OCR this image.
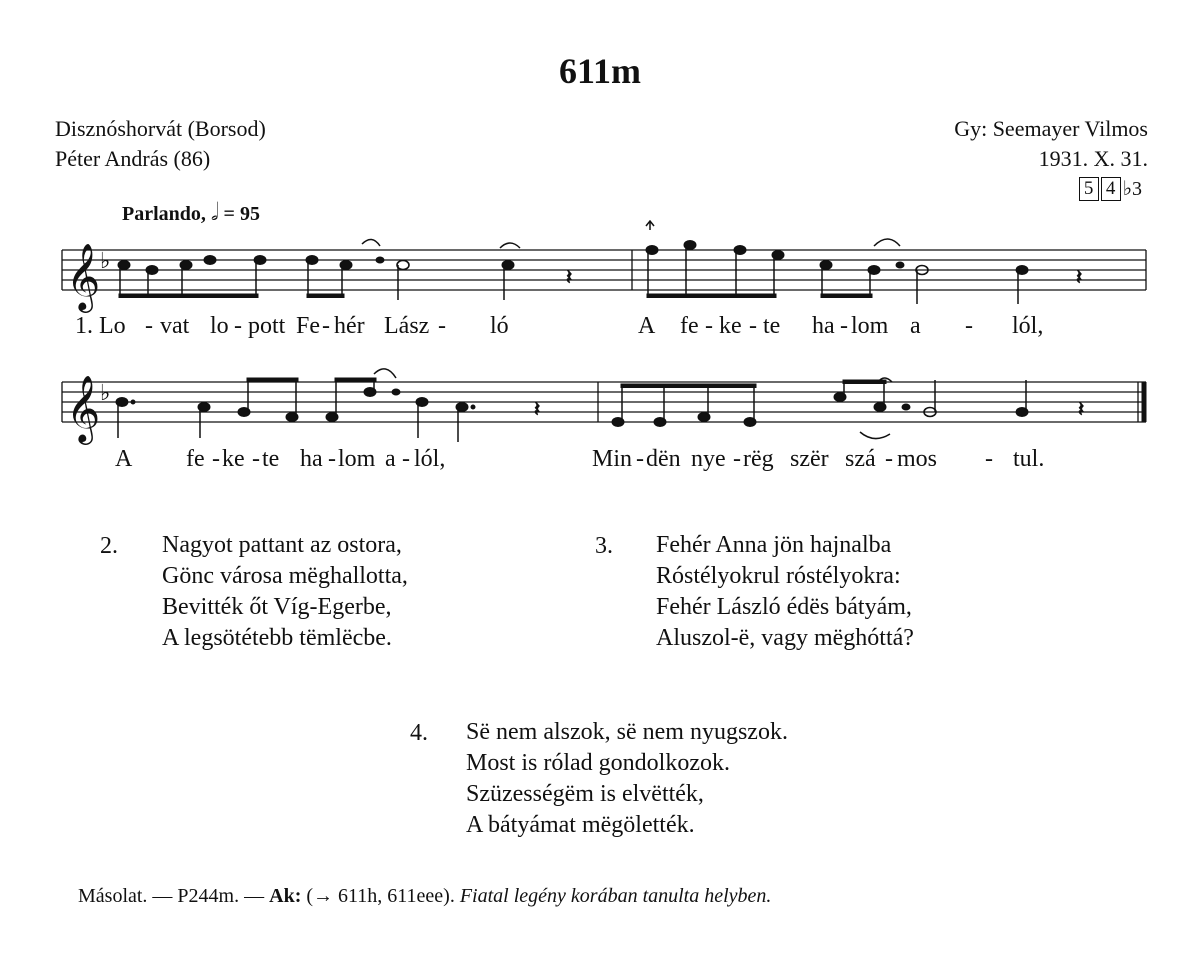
611m
Disznóshorvát (Borsod)
Péter András (86)
Gy: Seemayer Vilmos
1931. X. 31.
5 4 ♭3
Parlando, 𝅗𝅥 = 95
𝄞 ♭
𝄽	𝄽
1. Lo - vat lo - pott Fe - hér Lász - ló	A fe - ke - te ha - lom a - lól,
𝄞 ♭
𝄽	𝄽
A fe - ke - te ha - lom a - lól,	Min - dën nye - rëg szër szá - mos - tul.
2. Nagyot pattant az ostora,
Gönc városa mëghallotta,
Bevitték őt Víg-Egerbe,
A legsötétebb tëmlëcbe.
3. Fehér Anna jön hajnalba
Róstélyokrul róstélyokra:
Fehér László édës bátyám,
Aluszol-ë, vagy mëghóttá?
4. Së nem alszok, së nem nyugszok.
Most is rólad gondolkozok.
Szüzességëm is elvëtték,
A bátyámat mëgölették.
Másolat. — P244m. — Ak: (→ 611h, 611eee). Fiatal legény korában tanulta helyben.
